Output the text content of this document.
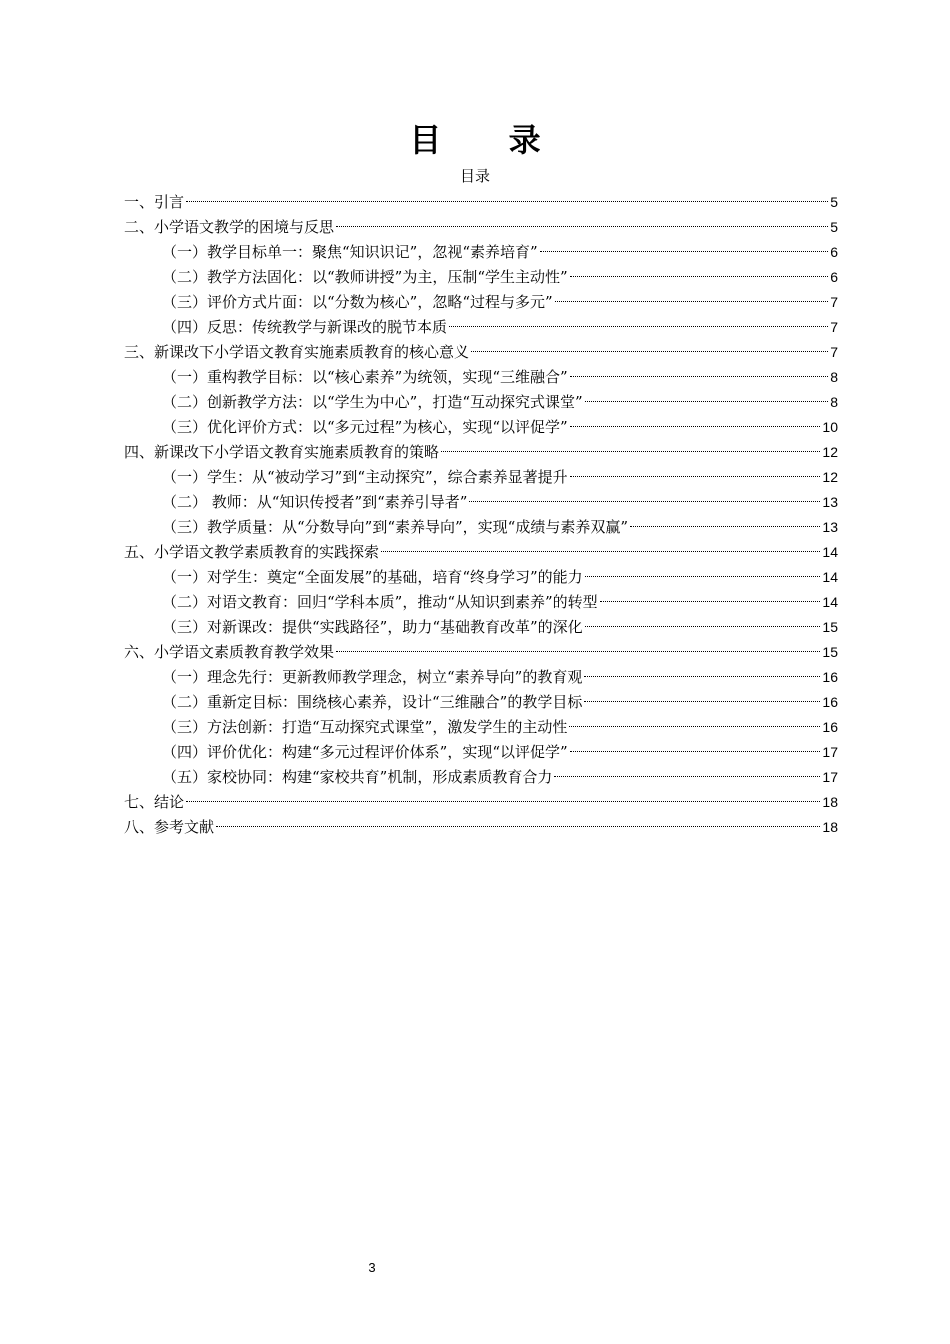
目 录
目录
一、引言	5
二、小学语文教学的困境与反思	5
（一）教学目标单一：聚焦“知识识记”，忽视“素养培育”	6
（二）教学方法固化：以“教师讲授”为主，压制“学生主动性”	6
（三）评价方式片面：以“分数为核心”，忽略“过程与多元”	7
（四）反思：传统教学与新课改的脱节本质	7
三、新课改下小学语文教育实施素质教育的核心意义	7
（一）重构教学目标：以“核心素养”为统领，实现“三维融合”	8
（二）创新教学方法：以“学生为中心”，打造“互动探究式课堂”	8
（三）优化评价方式：以“多元过程”为核心，实现“以评促学”	10
四、新课改下小学语文教育实施素质教育的策略	12
（一）学生：从“被动学习”到“主动探究”，综合素养显著提升	12
（二） 教师：从“知识传授者”到“素养引导者”	13
（三）教学质量：从“分数导向”到“素养导向”，实现“成绩与素养双赢”	13
五、小学语文教学素质教育的实践探索	14
（一）对学生：奠定“全面发展”的基础，培育“终身学习”的能力	14
（二）对语文教育：回归“学科本质”，推动“从知识到素养”的转型	14
（三）对新课改：提供“实践路径”，助力“基础教育改革”的深化	15
六、小学语文素质教育教学效果	15
（一）理念先行：更新教师教学理念，树立“素养导向”的教育观	16
（二）重新定目标：围绕核心素养，设计“三维融合”的教学目标	16
（三）方法创新：打造“互动探究式课堂”，激发学生的主动性	16
（四）评价优化：构建“多元过程评价体系”，实现“以评促学”	17
（五）家校协同：构建“家校共育”机制，形成素质教育合力	17
七、结论	18
八、参考文献	18
3
